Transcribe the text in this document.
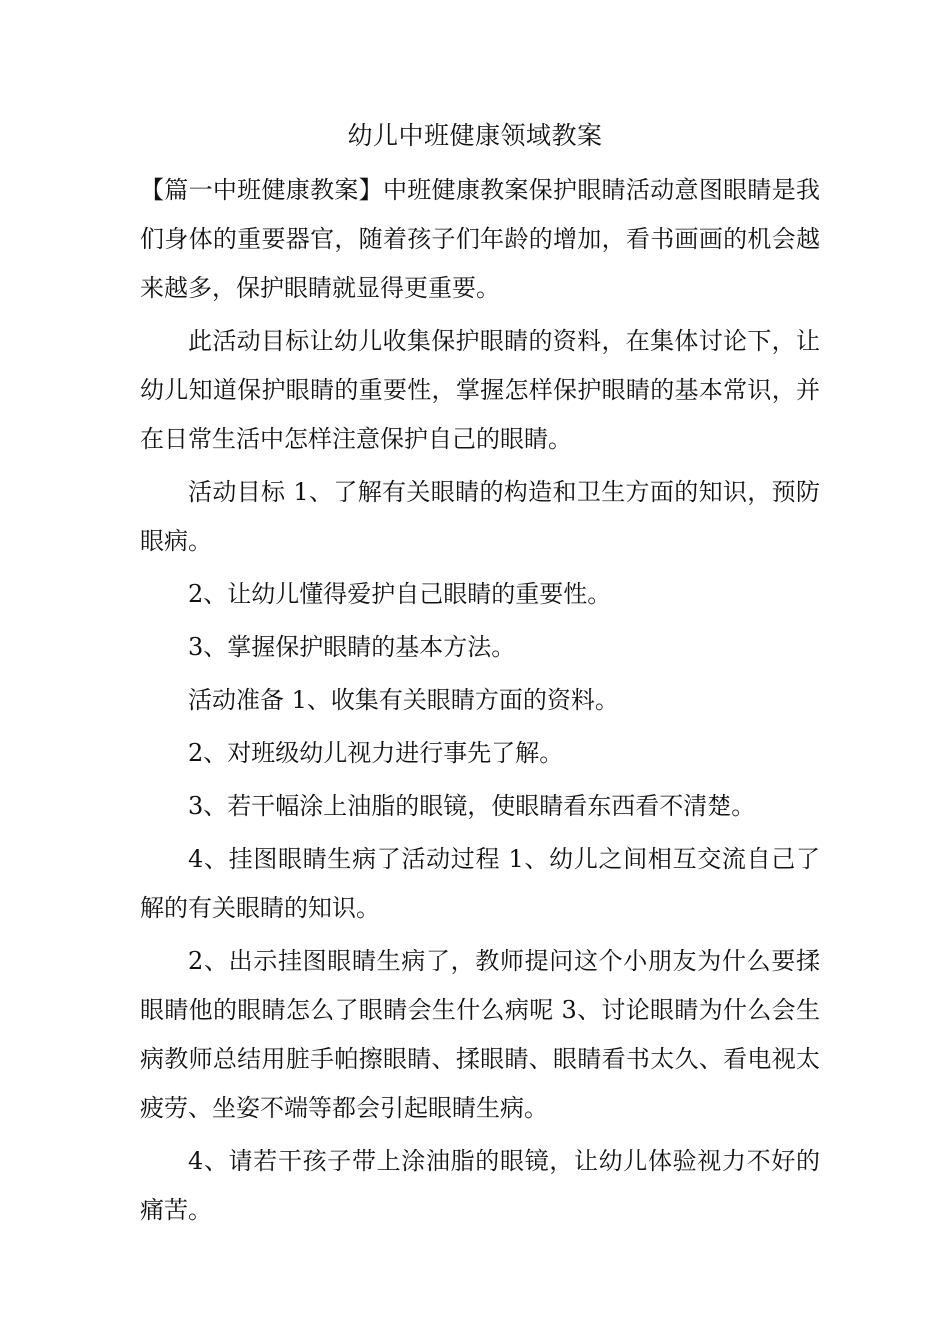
幼儿中班健康领域教案

【篇一中班健康教案】中班健康教案保护眼睛活动意图眼睛是我们身体的重要器官，随着孩子们年龄的增加，看书画画的机会越来越多，保护眼睛就显得更重要。

此活动目标让幼儿收集保护眼睛的资料，在集体讨论下，让幼儿知道保护眼睛的重要性，掌握怎样保护眼睛的基本常识，并在日常生活中怎样注意保护自己的眼睛。

活动目标 1、了解有关眼睛的构造和卫生方面的知识，预防眼病。

2、让幼儿懂得爱护自己眼睛的重要性。

3、掌握保护眼睛的基本方法。

活动准备 1、收集有关眼睛方面的资料。

2、对班级幼儿视力进行事先了解。

3、若干幅涂上油脂的眼镜，使眼睛看东西看不清楚。

4、挂图眼睛生病了活动过程 1、幼儿之间相互交流自己了解的有关眼睛的知识。

2、出示挂图眼睛生病了，教师提问这个小朋友为什么要揉眼睛他的眼睛怎么了眼睛会生什么病呢 3、讨论眼睛为什么会生病教师总结用脏手帕擦眼睛、揉眼睛、眼睛看书太久、看电视太疲劳、坐姿不端等都会引起眼睛生病。

4、请若干孩子带上涂油脂的眼镜，让幼儿体验视力不好的痛苦。
